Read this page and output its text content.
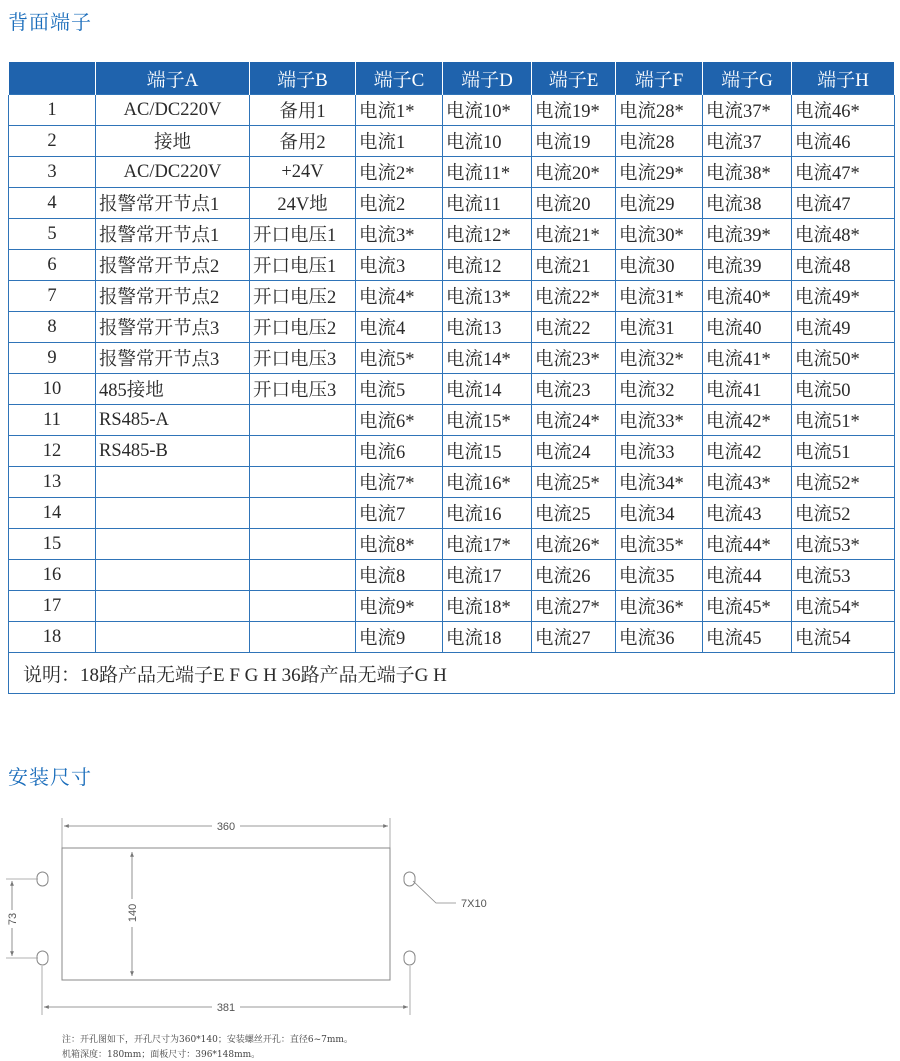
背面端子
	端子A	端子B	端子C	端子D	端子E	端子F	端子G	端子H
1	AC/DC220V	备用1	电流1*	电流10*	电流19*	电流28*	电流37*	电流46*
2	接地	备用2	电流1	电流10	电流19	电流28	电流37	电流46
3	AC/DC220V	+24V	电流2*	电流11*	电流20*	电流29*	电流38*	电流47*
4	报警常开节点1	24V地	电流2	电流11	电流20	电流29	电流38	电流47
5	报警常开节点1	开口电压1	电流3*	电流12*	电流21*	电流30*	电流39*	电流48*
6	报警常开节点2	开口电压1	电流3	电流12	电流21	电流30	电流39	电流48
7	报警常开节点2	开口电压2	电流4*	电流13*	电流22*	电流31*	电流40*	电流49*
8	报警常开节点3	开口电压2	电流4	电流13	电流22	电流31	电流40	电流49
9	报警常开节点3	开口电压3	电流5*	电流14*	电流23*	电流32*	电流41*	电流50*
10	485接地	开口电压3	电流5	电流14	电流23	电流32	电流41	电流50
11	RS485-A		电流6*	电流15*	电流24*	电流33*	电流42*	电流51*
12	RS485-B		电流6	电流15	电流24	电流33	电流42	电流51
13			电流7*	电流16*	电流25*	电流34*	电流43*	电流52*
14			电流7	电流16	电流25	电流34	电流43	电流52
15			电流8*	电流17*	电流26*	电流35*	电流44*	电流53*
16			电流8	电流17	电流26	电流35	电流44	电流53
17			电流9*	电流18*	电流27*	电流36*	电流45*	电流54*
18			电流9	电流18	电流27	电流36	电流45	电流54
说明：18路产品无端子E F G H 36路产品无端子G H								
安装尺寸
360
140
73
381
7X10
注：开孔图如下，开孔尺寸为360*140；安装螺丝开孔：直径6~7mm。
机箱深度：180mm；面板尺寸：396*148mm。
